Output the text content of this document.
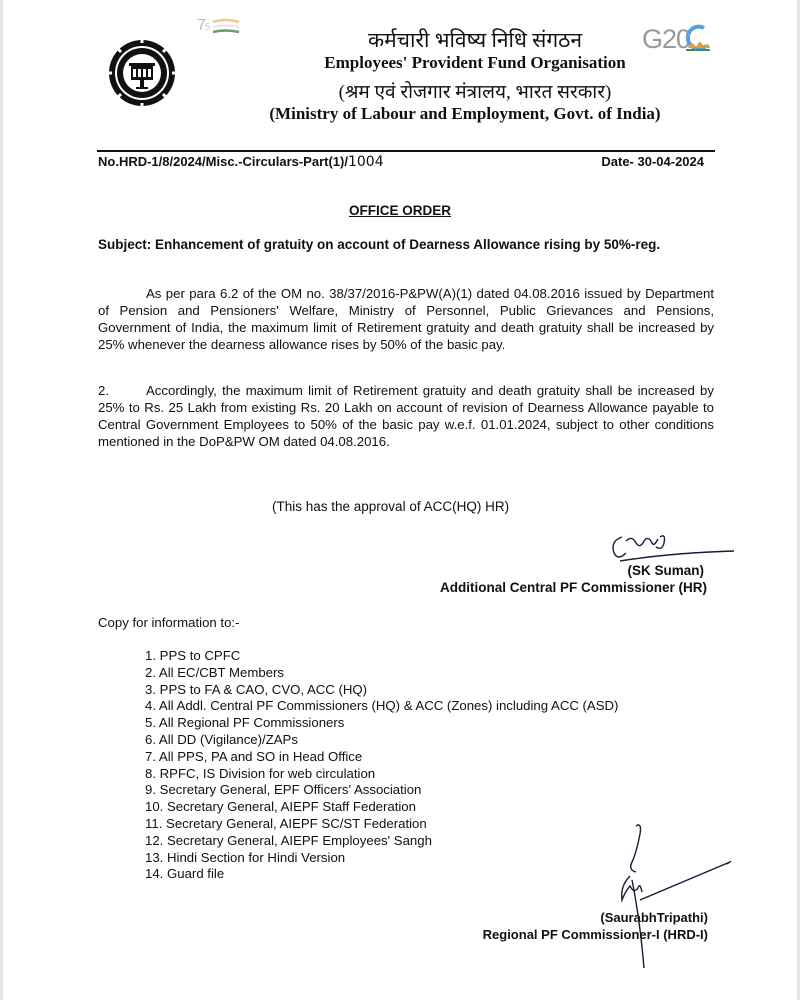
7 5
. . .	G20
कर्मचारी भविष्य निधि संगठन
Employees' Provident Fund Organisation
(श्रम एवं रोजगार मंत्रालय, भारत सरकार)
(Ministry of Labour and Employment, Govt. of India)
No.HRD-1/8/2024/Misc.-Circulars-Part(1)/1004	Date- 30-04-2024
OFFICE ORDER
Subject: Enhancement of gratuity on account of Dearness Allowance rising by 50%-reg.
As per para 6.2 of the OM no. 38/37/2016-P&PW(A)(1) dated 04.08.2016 issued by Department of Pension and Pensioners' Welfare, Ministry of Personnel, Public Grievances and Pensions, Government of India, the maximum limit of Retirement gratuity and death gratuity shall be increased by 25% whenever the dearness allowance rises by 50% of the basic pay.
2.	Accordingly, the maximum limit of Retirement gratuity and death gratuity shall be increased by 25% to Rs. 25 Lakh from existing Rs. 20 Lakh on account of revision of Dearness Allowance payable to Central Government Employees to 50% of the basic pay w.e.f. 01.01.2024, subject to other conditions mentioned in the DoP&PW OM dated 04.08.2016.
(This has the approval of ACC(HQ) HR)
(SK Suman)
Additional Central PF Commissioner (HR)
Copy for information to:-
1. PPS to CPFC
2. All EC/CBT Members
3. PPS to FA & CAO, CVO, ACC (HQ)
4. All Addl. Central PF Commissioners (HQ) & ACC (Zones) including ACC (ASD)
5. All Regional PF Commissioners
6. All DD (Vigilance)/ZAPs
7. All PPS, PA and SO in Head Office
8. RPFC, IS Division for web circulation
9. Secretary General, EPF Officers' Association
10. Secretary General, AIEPF Staff Federation
11. Secretary General, AIEPF SC/ST Federation
12. Secretary General, AIEPF Employees' Sangh
13. Hindi Section for Hindi Version
14. Guard file
(SaurabhTripathi)
Regional PF Commissioner-I (HRD-I)
